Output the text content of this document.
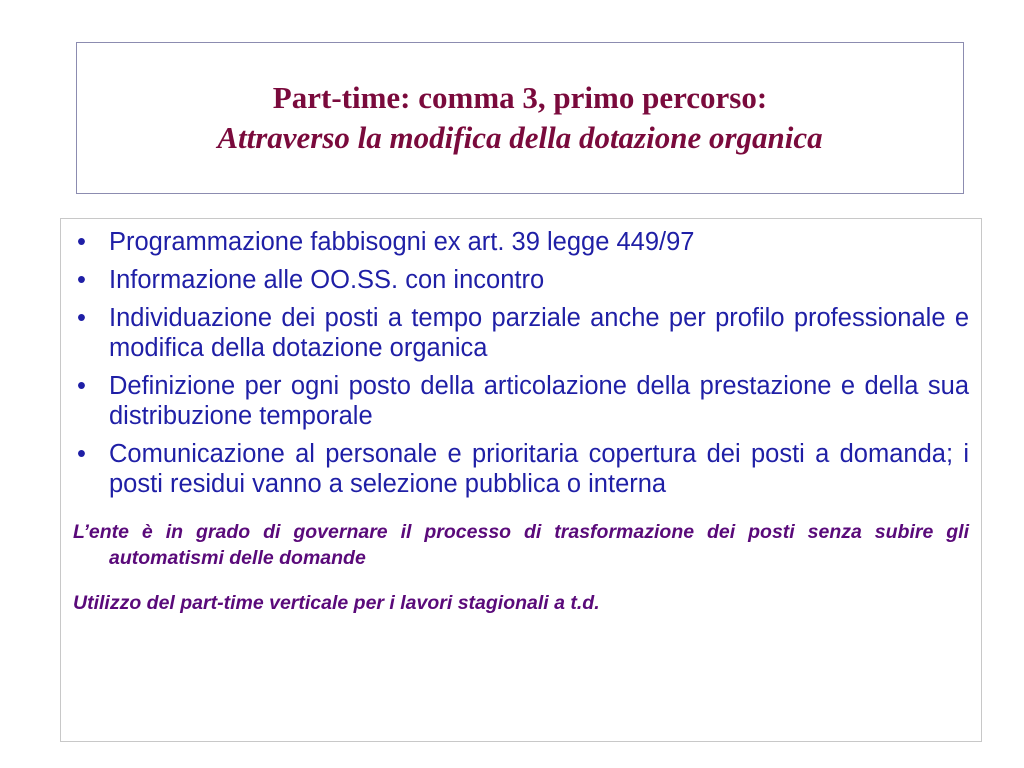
Part-time: comma 3, primo percorso:
Attraverso la modifica della dotazione organica
• Programmazione fabbisogni ex art. 39 legge 449/97
• Informazione alle OO.SS. con incontro
• Individuazione dei posti a tempo parziale anche per profilo professionale e modifica della dotazione organica
• Definizione per ogni posto della articolazione della prestazione e della sua distribuzione temporale
• Comunicazione al personale e prioritaria copertura dei posti a domanda; i posti residui vanno a selezione pubblica o interna

L’ente è in grado di governare il processo di trasformazione dei posti senza subire gli automatismi delle domande

Utilizzo del part-time verticale per i lavori stagionali a t.d.
